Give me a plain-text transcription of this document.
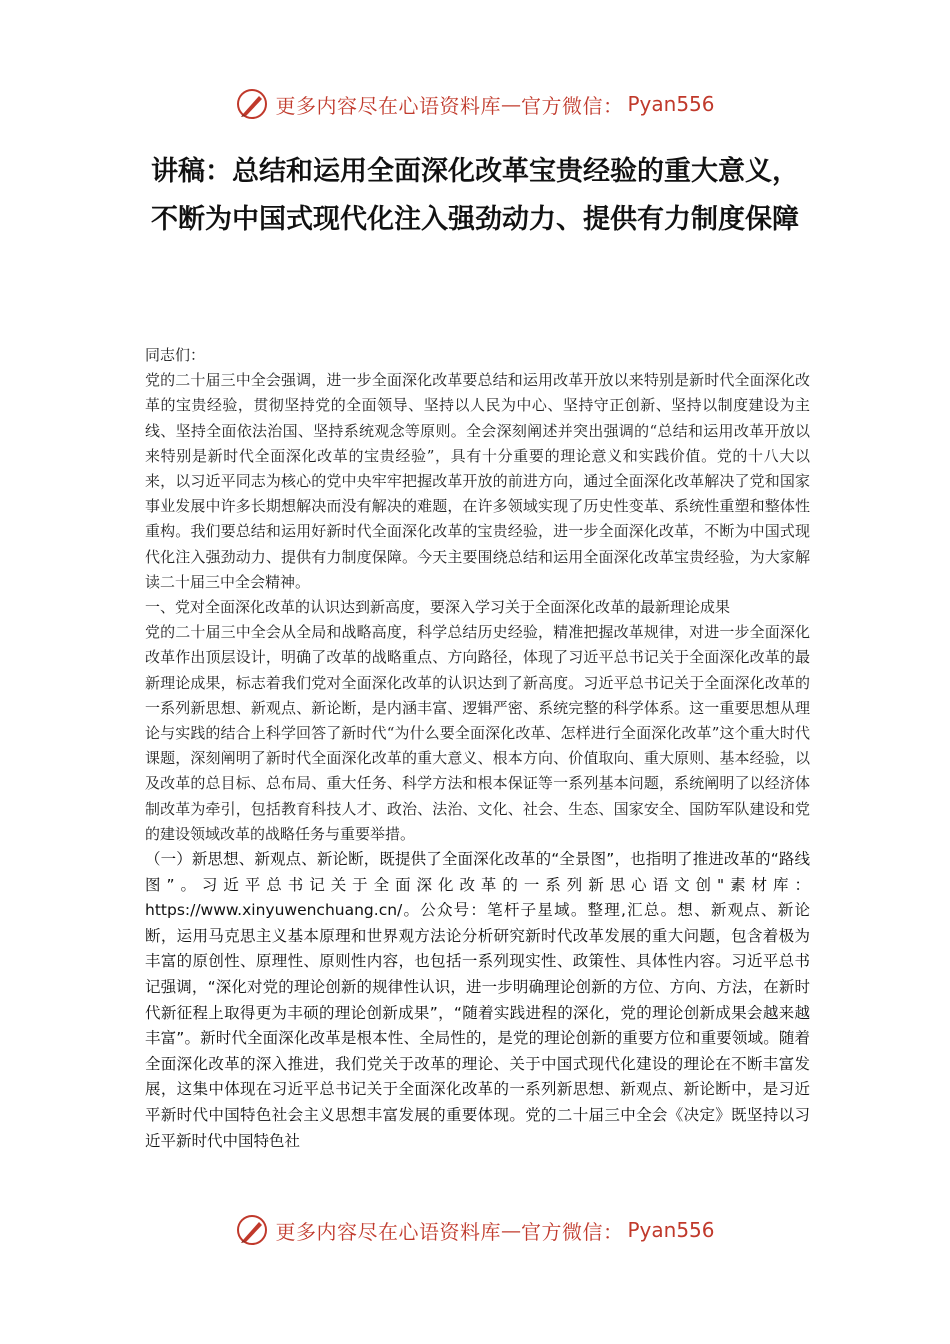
更多内容尽在心语资料库 — 官方微信： Pyan556
讲稿：总结和运用全面深化改革宝贵经验的重大意义，不断为中国式现代化注入强劲动力、提供有力制度保障

同志们：

党的二十届三中全会强调，进一步全面深化改革要总结和运用改革开放以来特别是新时代全面深化改革的宝贵经验，贯彻坚持党的全面领导、坚持以人民为中心、坚持守正创新、坚持以制度建设为主线、坚持全面依法治国、坚持系统观念等原则。全会深刻阐述并突出强调的“总结和运用改革开放以来特别是新时代全面深化改革的宝贵经验”，具有十分重要的理论意义和实践价值。党的十八大以来，以习近平同志为核心的党中央牢牢把握改革开放的前进方向，通过全面深化改革解决了党和国家事业发展中许多长期想解决而没有解决的难题，在许多领域实现了历史性变革、系统性重塑和整体性重构。我们要总结和运用好新时代全面深化改革的宝贵经验，进一步全面深化改革，不断为中国式现代化注入强劲动力、提供有力制度保障。今天主要围绕总结和运用全面深化改革宝贵经验，为大家解读二十届三中全会精神。

一、党对全面深化改革的认识达到新高度，要深入学习关于全面深化改革的最新理论成果

党的二十届三中全会从全局和战略高度，科学总结历史经验，精准把握改革规律，对进一步全面深化改革作出顶层设计，明确了改革的战略重点、方向路径，体现了习近平总书记关于全面深化改革的最新理论成果，标志着我们党对全面深化改革的认识达到了新高度。习近平总书记关于全面深化改革的一系列新思想、新观点、新论断，是内涵丰富、逻辑严密、系统完整的科学体系。这一重要思想从理论与实践的结合上科学回答了新时代“为什么要全面深化改革、怎样进行全面深化改革”这个重大时代课题，深刻阐明了新时代全面深化改革的重大意义、根本方向、价值取向、重大原则、基本经验，以及改革的总目标、总布局、重大任务、科学方法和根本保证等一系列基本问题，系统阐明了以经济体制改革为牵引，包括教育科技人才、政治、法治、文化、社会、生态、国家安全、国防军队建设和党的建设领域改革的战略任务与重要举措。

（一）新思想、新观点、新论断，既提供了全面深化改革的“全景图”，也指明了推进改革的“路线图”。习近平总书记关于全面深化改革的一系列新思心语文创"素材库：https://www.xinyuwenchuang.cn/。公众号：笔杆子星域。整理,汇总。想、新观点、新论断，运用马克思主义基本原理和世界观方法论分析研究新时代改革发展的重大问题，包含着极为丰富的原创性、原理性、原则性内容，也包括一系列现实性、政策性、具体性内容。习近平总书记强调，“深化对党的理论创新的规律性认识，进一步明确理论创新的方位、方向、方法，在新时代新征程上取得更为丰硕的理论创新成果”，“随着实践进程的深化，党的理论创新成果会越来越丰富”。新时代全面深化改革是根本性、全局性的，是党的理论创新的重要方位和重要领域。随着全面深化改革的深入推进，我们党关于改革的理论、关于中国式现代化建设的理论在不断丰富发展，这集中体现在习近平总书记关于全面深化改革的一系列新思想、新观点、新论断中，是习近平新时代中国特色社会主义思想丰富发展的重要体现。党的二十届三中全会《决定》既坚持以习近平新时代中国特色社

更多内容尽在心语资料库 — 官方微信： Pyan556
